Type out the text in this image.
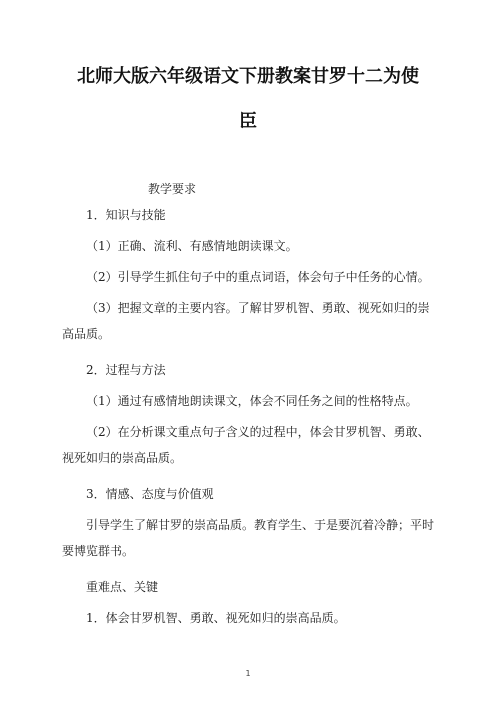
北师大版六年级语文下册教案甘罗十二为使
臣

教学要求

1．知识与技能

（1）正确、流利、有感情地朗读课文。

（2）引导学生抓住句子中的重点词语，体会句子中任务的心情。

（3）把握文章的主要内容。了解甘罗机智、勇敢、视死如归的崇高品质。

2．过程与方法

（1）通过有感情地朗读课文，体会不同任务之间的性格特点。

（2）在分析课文重点句子含义的过程中，体会甘罗机智、勇敢、视死如归的崇高品质。

3．情感、态度与价值观

引导学生了解甘罗的崇高品质。教育学生、于是要沉着冷静；平时要博览群书。

重难点、关键

1．体会甘罗机智、勇敢、视死如归的崇高品质。

1
